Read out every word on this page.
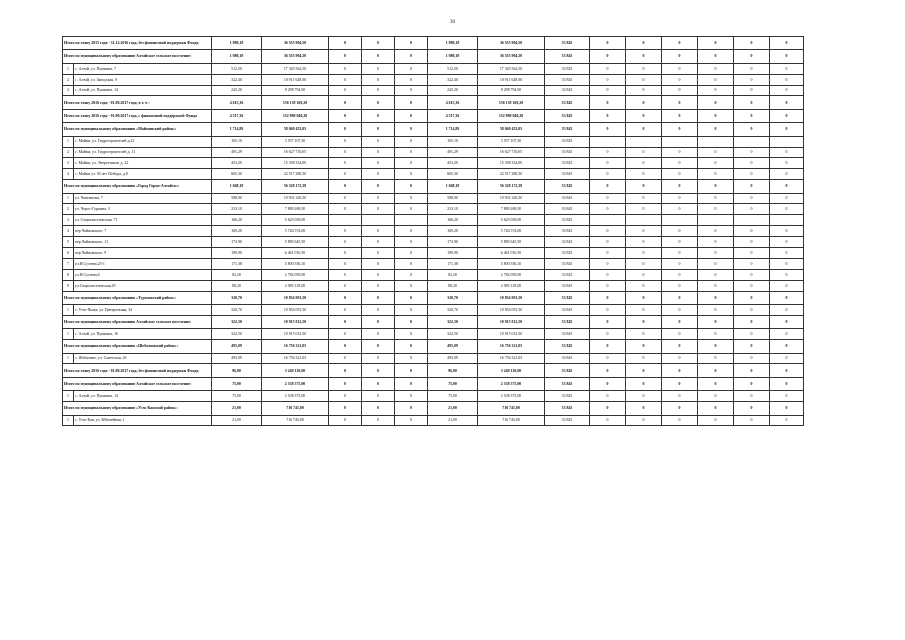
30
Итого по этапу 2015 года - 31.12.2016 года, без финансовой поддержки Фонда		1 080,10	36 555 904,50	0	0	0	1 080,10	36 555 904,50	33 845	0	0	0	0	0	0
Итого по муниципальному образованию Алтайское сельское поселение:		1 080,10	36 555 904,50	0	0	0	1 080,10	36 555 904,50	33 845	0	0	0	0	0	0
1	с. Алтай, ул. Пушкина, 7	512,50	17 345 562,50	0	0	0	512,50	17 345 562,50	33 845	0	0	0	0	0	0
2	с. Алтай, ул. Заводская, 9	322,40	10 911 628,00	0	0	0	322,40	10 911 628,00	33 845	0	0	0	0	0	0
3	с. Алтай, ул. Пушкина, 14	245,20	8 298 794,00	0	0	0	245,20	8 298 794,00	33 845	0	0	0	0	0	0
Итого по этапу 2016 года - 01.09.2017 года, в т. ч :		4 615,36	156 139 169,20	0	0	0	4 615,36	156 139 169,20	33 845	0	0	0	0	0	0
Итого по этапу 2016 года - 01.09.2017 года, с финансовой поддержкой Фонда		4 517,36	152 890 049,20	0	0	0	4 517,36	152 890 049,20	33 845	0	0	0	0	0	0
Итого по муниципальному образованию «Майминский район»:		1 714,89	58 040 452,05	0	0	0	1 714,89	58 040 452,05	33 845	0	0	0	0	0	0
1	с. Майма, ул. Гидростроителей д.22	105,10	3 557 107,50	0	0	0	105,10	3 557 107,50	33 845						
2	с. Майма, ул. Гидростроителей д. 11	491,29	16 627 710,05	0	0	0	491,29	16 627 710,05	33 845	0	0	0	0	0	0
3	с. Майма, ул. Энергетиков, д. 22	453,20	15 338 354,00	0	0	0	453,20	15 338 354,00	33 845	0	0	0	0	0	0
4	с. Майма ул. 50 лет Победы, д.8	665,30	22 517 280,50	0	0	0	665,30	22 517 280,50	33 845	0	0	0	0	0	0
Итого по муниципальному образованию «Город Горно-Алтайск»:		1 668,18	56 328 172,38	0	0	0	1 668,18	56 328 172,38	33 845	0	0	0	0	0	0
1	ул. Чаптынова, 7	588,90	19 931 320,50	0	0	0	588,90	19 931 320,50	33 845	0	0	0	0	0	0
2	ул. Чорос-Гуркина, 3	233,10	7 889 269,50	0	0	0	233,10	7 889 269,50	33 845	0	0	0	0	0	0
3	ул. Социалистическая, 71	166,20	5 625 039,00				166,20	5 625 039,00	33 845						
4	пер.Чайковского, 7	169,20	5 726 574,00	0	0	0	169,20	5 726 574,00	33 845	0	0	0	0	0	0
5	пер.Чайковского, 11	173,90	5 885 645,50	0	0	0	173,90	5 885 645,50	33 845	0	0	0	0	0	0
6	пер.Чайковского, 9	190,90	6 461 010,50	0	0	0	190,90	6 461 010,50	33 845	0	0	0	0	0	0
7	ул.Н.Сусеева,25-1	171,38	5 800 356,10	0	0	0	171,38	5 800 356,10	33 845	0	0	0	0	0	0
8	ул.Н.Сусеева,6	82,20	2 782 059,00	0	0	0	82,20	2 782 059,00	33 845	0	0	0	0	0	0
9	ул.Социалистическая,29	88,20	2 985 129,00	0	0	0	88,20	2 985 129,00	33 845	0	0	0	0	0	0
Итого по муниципальному образованию «Турочакский район»:		320,70	10 854 091,50	0	0	0	320,70	10 854 091,50	33 845	0	0	0	0	0	0
1	с. Усть-Пыжа, ул. Центральная, 34	320,70	10 854 091,50	0	0	0	320,70	10 854 091,50	33 845	0	0	0	0	0	0
Итого по муниципальному образованию Алтайское сельское поселение:		322,50	10 915 012,50	0	0	0	322,50	10 915 012,50	33 845	0	0	0	0	0	0
1	с. Алтай, ул. Пушкина, 16	322,50	10 915 012,50	0	0	0	322,50	10 915 012,50	33 845	0	0	0	0	0	0
Итого по муниципальному образованию «Шебалинский район»:		495,09	16 756 321,05	0	0	0	495,09	16 756 321,05	33 845	0	0	0	0	0	0
1	с. Шебалино, ул. Советская, 43	495,09	16 756 321,05	0	0	0	495,09	16 756 321,05	33 845	0	0	0	0	0	0
Итого по этапу 2016 года - 01.09.2017 года, без финансовой поддержки Фонда		96,00	3 249 120,00	0	0	0	96,00	3 249 120,00	33 845	0	0	0	0	0	0
Итого по муниципальному образованию Алтайское сельское поселение:		75,00	2 538 375,00	0	0	0	75,00	2 538 375,00	33 845	0	0	0	0	0	0
1	с. Алтай, ул. Пушкина, 14	75,00	2 538 375,00	0	0	0	75,00	2 538 375,00	33 845	0	0	0	0	0	0
Итого по муниципальному образованию «Усть-Канский район»:		21,00	710 745,00	0	0	0	21,00	710 745,00	33 845	0	0	0	0	0	0
1	с. Усть-Кан, ул. Юбилейная, 1	21,00	710 745,00	0	0	0	21,00	710 745,00	33 845	0	0	0	0	0	0
